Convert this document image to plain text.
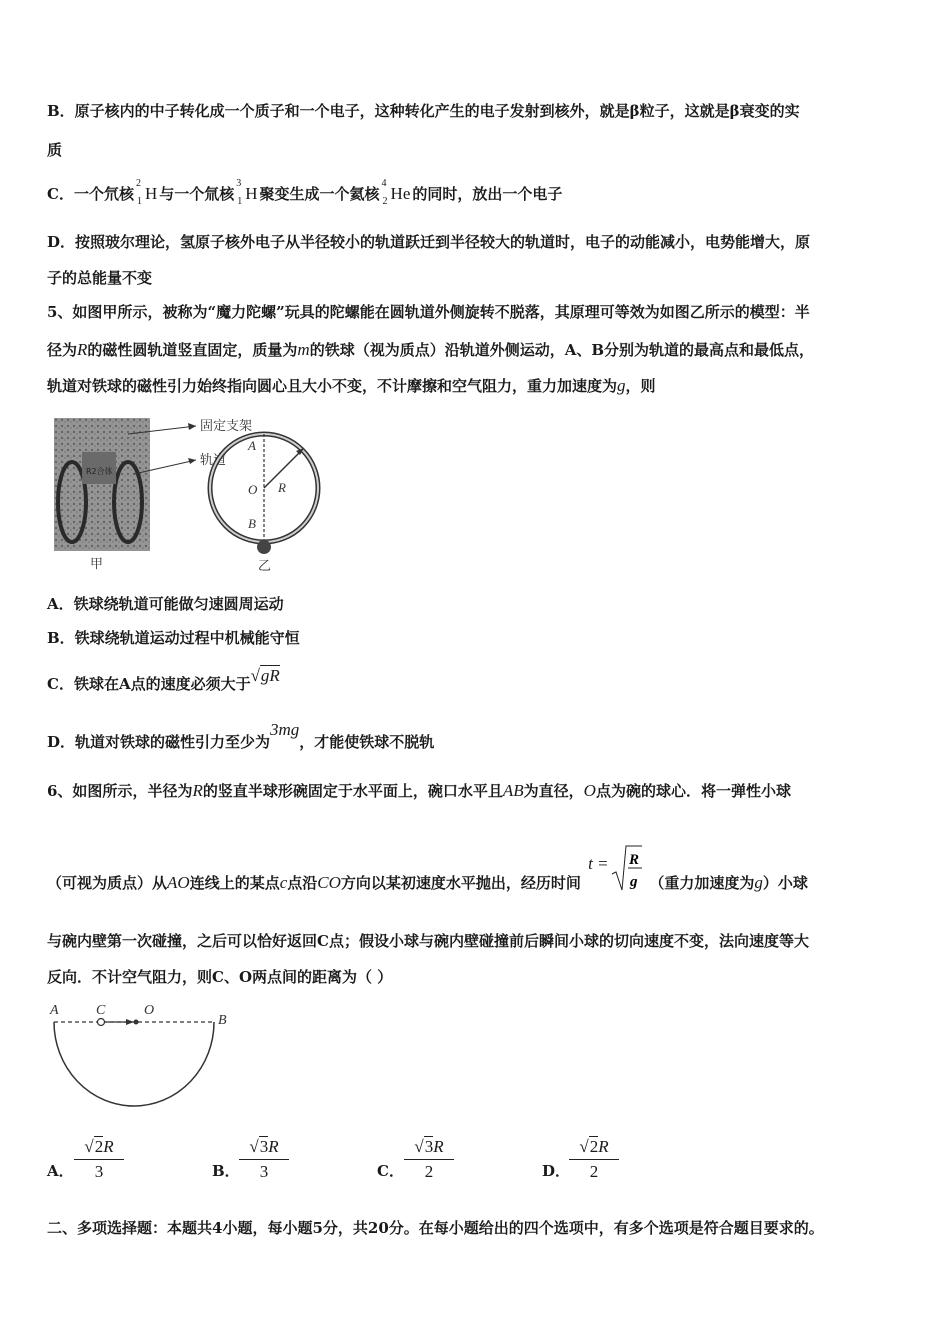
B．原子核内的中子转化成一个质子和一个电子，这种转化产生的电子发射到核外，就是β粒子，这就是β衰变的实
质
C．一个氘核
2
1 H 与一个氚核
3
1 H 聚变生成一个氦核
4
2 He 的同时，放出一个电子
D．按照玻尔理论，氢原子核外电子从半径较小的轨道跃迁到半径较大的轨道时，电子的动能减小，电势能增大，原
子的总能量不变
5、如图甲所示，被称为“魔力陀螺”玩具的陀螺能在圆轨道外侧旋转不脱落，其原理可等效为如图乙所示的模型：半
径为R的磁性圆轨道竖直固定，质量为m的铁球（视为质点）沿轨道外侧运动，A、B分别为轨道的最高点和最低点，
轨道对铁球的磁性引力始终指向圆心且大小不变，不计摩擦和空气阻力，重力加速度为g，则
R2合体
固定支架
轨道
A
O R
B
甲	乙
A．铁球绕轨道可能做匀速圆周运动
B．铁球绕轨道运动过程中机械能守恒
C．铁球在A点的速度必须大于√gR
D．轨道对铁球的磁性引力至少为3mg，才能使铁球不脱轨
6、如图所示，半径为R的竖直半球形碗固定于水平面上，碗口水平且AB为直径，O点为碗的球心．将一弹性小球
（可视为质点）从AO连线上的某点c点沿CO方向以某初速度水平抛出，经历时间
t = R
g （重力加速度为g）小球
与碗内壁第一次碰撞，之后可以恰好返回C点；假设小球与碗内壁碰撞前后瞬间小球的切向速度不变，法向速度等大
反向．不计空气阻力，则C、O两点间的距离为（ ）
A	C	O
B
A． $\frac{√2R}{3}$	B． $\frac{√3R}{3}$	C． $\frac{√3R}{2}$	D．
$\frac{√2R}{2}$
二、多项选择题：本题共4小题，每小题5分，共20分。在每小题给出的四个选项中，有多个选项是符合题目要求的。
